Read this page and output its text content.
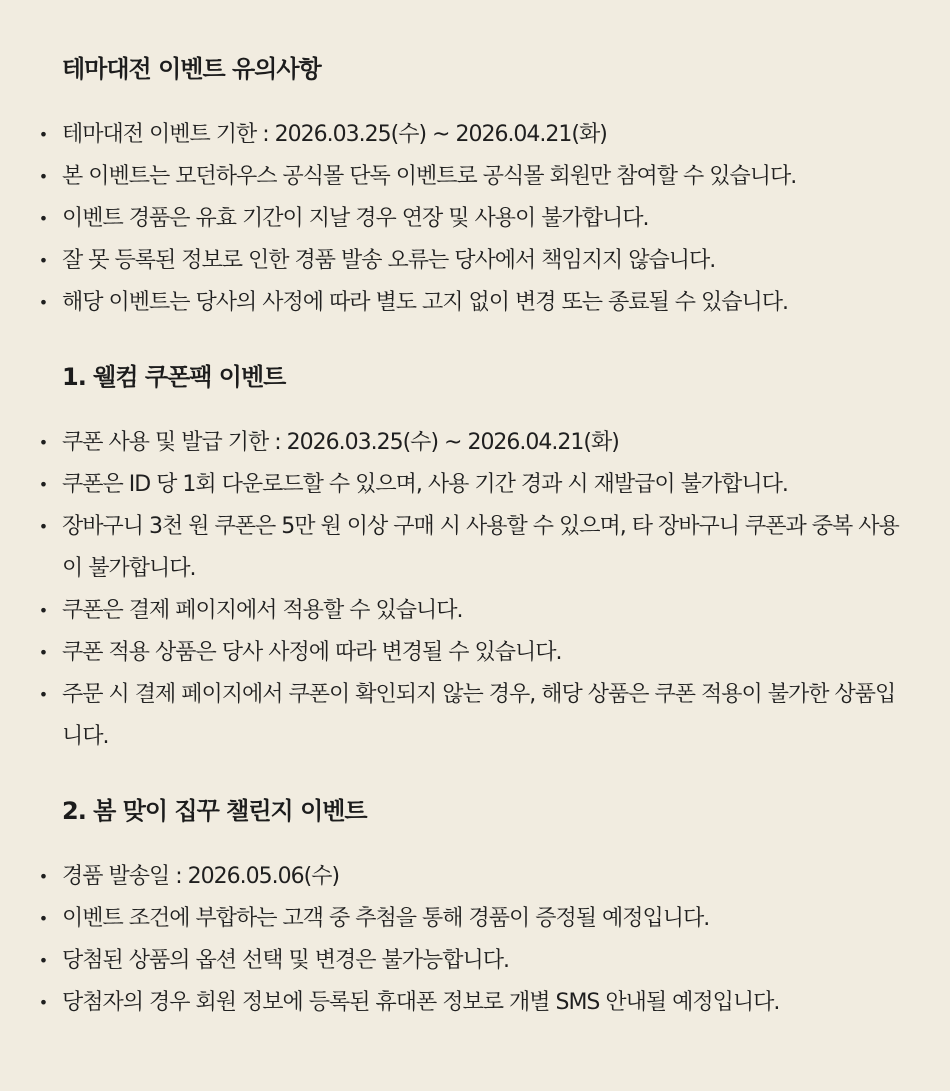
테마대전 이벤트 유의사항
• 테마대전 이벤트 기한 : 2026.03.25(수) ~ 2026.04.21(화)
• 본 이벤트는 모던하우스 공식몰 단독 이벤트로 공식몰 회원만 참여할 수 있습니다.
• 이벤트 경품은 유효 기간이 지날 경우 연장 및 사용이 불가합니다.
• 잘 못 등록된 정보로 인한 경품 발송 오류는 당사에서 책임지지 않습니다.
• 해당 이벤트는 당사의 사정에 따라 별도 고지 없이 변경 또는 종료될 수 있습니다.
1. 웰컴 쿠폰팩 이벤트
• 쿠폰 사용 및 발급 기한 : 2026.03.25(수) ~ 2026.04.21(화)
• 쿠폰은 ID 당 1회 다운로드할 수 있으며, 사용 기간 경과 시 재발급이 불가합니다.
• 장바구니 3천 원 쿠폰은 5만 원 이상 구매 시 사용할 수 있으며, 타 장바구니 쿠폰과 중복 사용이 불가합니다.
• 쿠폰은 결제 페이지에서 적용할 수 있습니다.
• 쿠폰 적용 상품은 당사 사정에 따라 변경될 수 있습니다.
• 주문 시 결제 페이지에서 쿠폰이 확인되지 않는 경우, 해당 상품은 쿠폰 적용이 불가한 상품입니다.
2. 봄 맞이 집꾸 챌린지 이벤트
• 경품 발송일 : 2026.05.06(수)
• 이벤트 조건에 부합하는 고객 중 추첨을 통해 경품이 증정될 예정입니다.
• 당첨된 상품의 옵션 선택 및 변경은 불가능합니다.
• 당첨자의 경우 회원 정보에 등록된 휴대폰 정보로 개별 SMS 안내될 예정입니다.
